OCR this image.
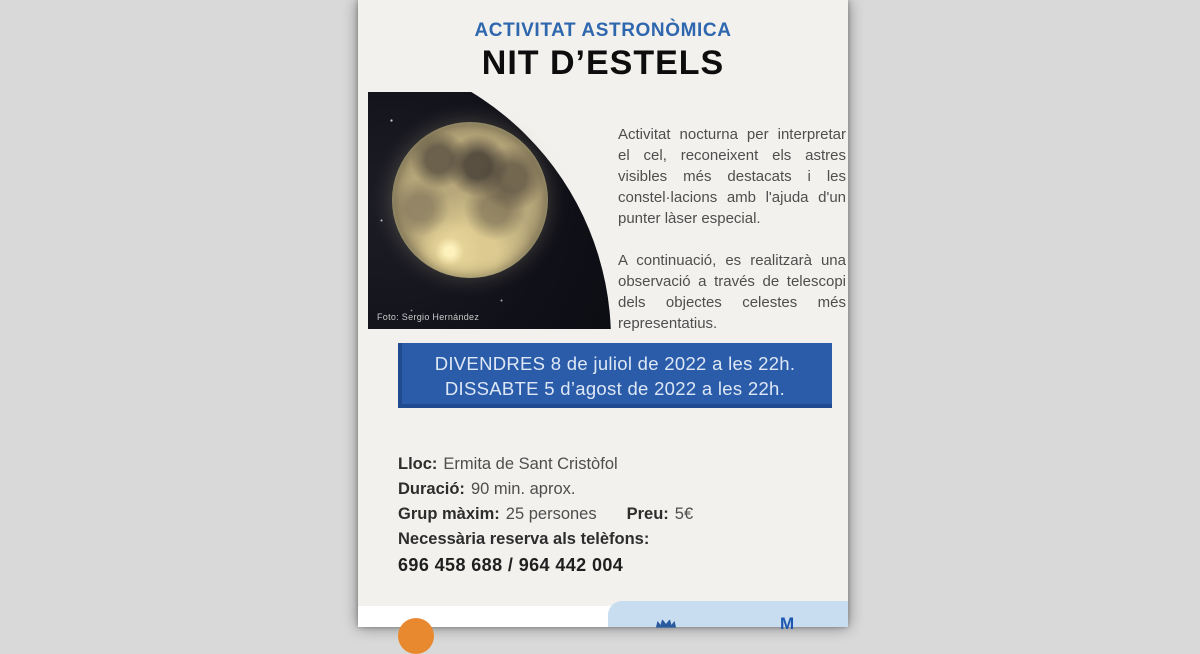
ACTIVITAT ASTRONÒMICA
NIT D’ESTELS
Foto: Sergio Hernández

Activitat nocturna per interpretar el cel, reconeixent els astres visibles més destacats i les constel·lacions amb l'ajuda d'un punter làser especial.

A continuació, es realitzarà una observació a través de telescopi dels objectes celestes més representatius.

DIVENDRES 8 de juliol de 2022 a les 22h.
DISSABTE 5 d’agost de 2022 a les 22h.
Lloc: Ermita de Sant Cristòfol
Duració: 90 min. aprox.
Grup màxim: 25 persones Preu: 5€
Necessària reserva als telèfons:
696 458 688 / 964 442 004
M
